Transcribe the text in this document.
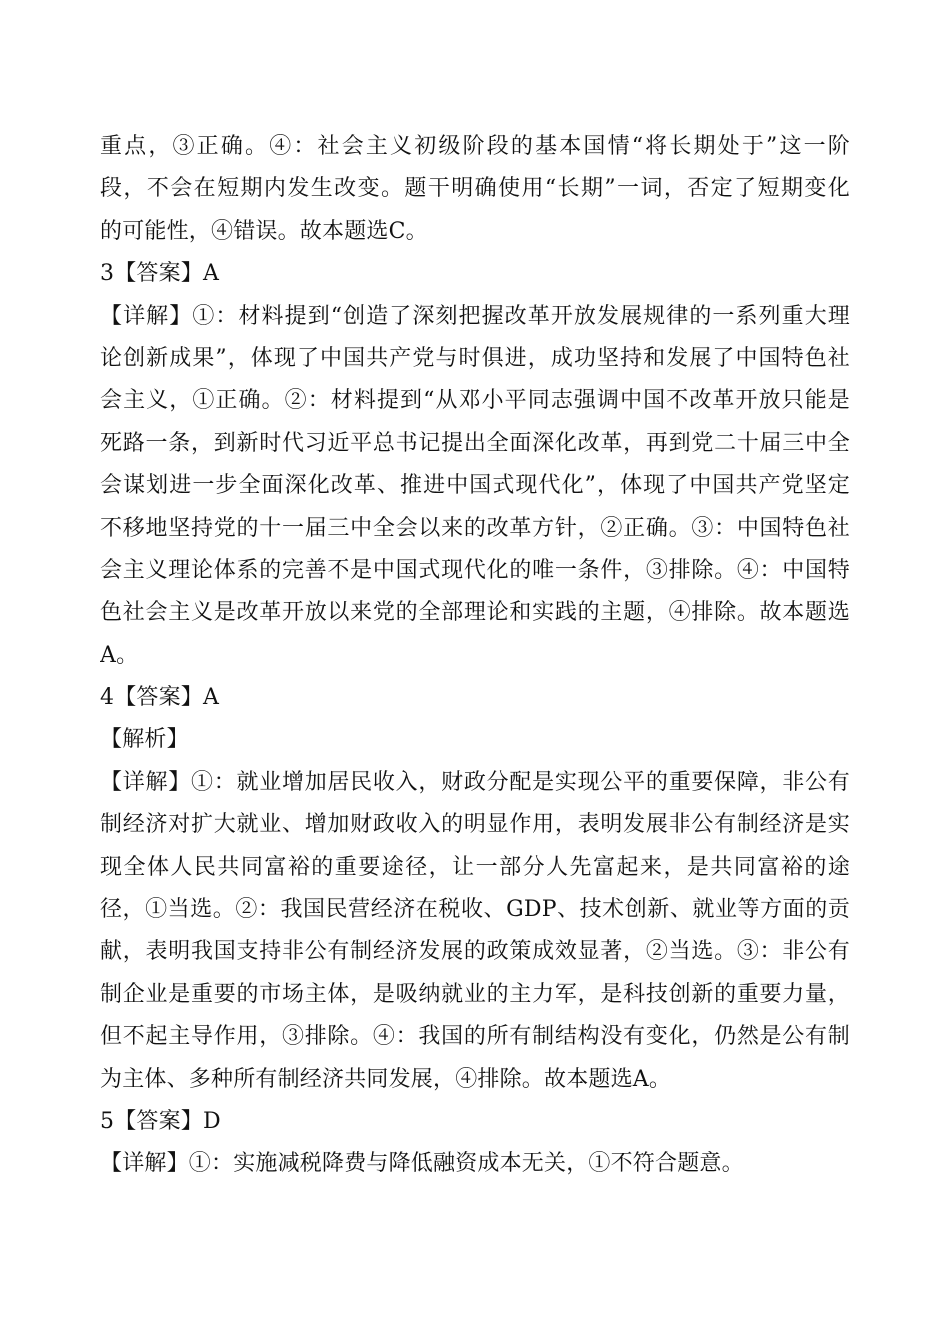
重点，③正确。④：社会主义初级阶段的基本国情“将长期处于”这一阶
段，不会在短期内发生改变。题干明确使用“长期”一词，否定了短期变化
的可能性，④错误。故本题选C。
3【答案】A
【详解】①：材料提到“创造了深刻把握改革开放发展规律的一系列重大理
论创新成果”，体现了中国共产党与时俱进，成功坚持和发展了中国特色社
会主义，①正确。②：材料提到“从邓小平同志强调中国不改革开放只能是
死路一条，到新时代习近平总书记提出全面深化改革，再到党二十届三中全
会谋划进一步全面深化改革、推进中国式现代化”，体现了中国共产党坚定
不移地坚持党的十一届三中全会以来的改革方针，②正确。③：中国特色社
会主义理论体系的完善不是中国式现代化的唯一条件，③排除。④：中国特
色社会主义是改革开放以来党的全部理论和实践的主题，④排除。故本题选
A。
4【答案】A
【解析】
【详解】①：就业增加居民收入，财政分配是实现公平的重要保障，非公有
制经济对扩大就业、增加财政收入的明显作用，表明发展非公有制经济是实
现全体人民共同富裕的重要途径，让一部分人先富起来，是共同富裕的途
径，①当选。②：我国民营经济在税收、GDP、技术创新、就业等方面的贡
献，表明我国支持非公有制经济发展的政策成效显著，②当选。③：非公有
制企业是重要的市场主体，是吸纳就业的主力军，是科技创新的重要力量，
但不起主导作用，③排除。④：我国的所有制结构没有变化，仍然是公有制
为主体、多种所有制经济共同发展，④排除。故本题选A。
5【答案】D
【详解】①：实施减税降费与降低融资成本无关，①不符合题意。
